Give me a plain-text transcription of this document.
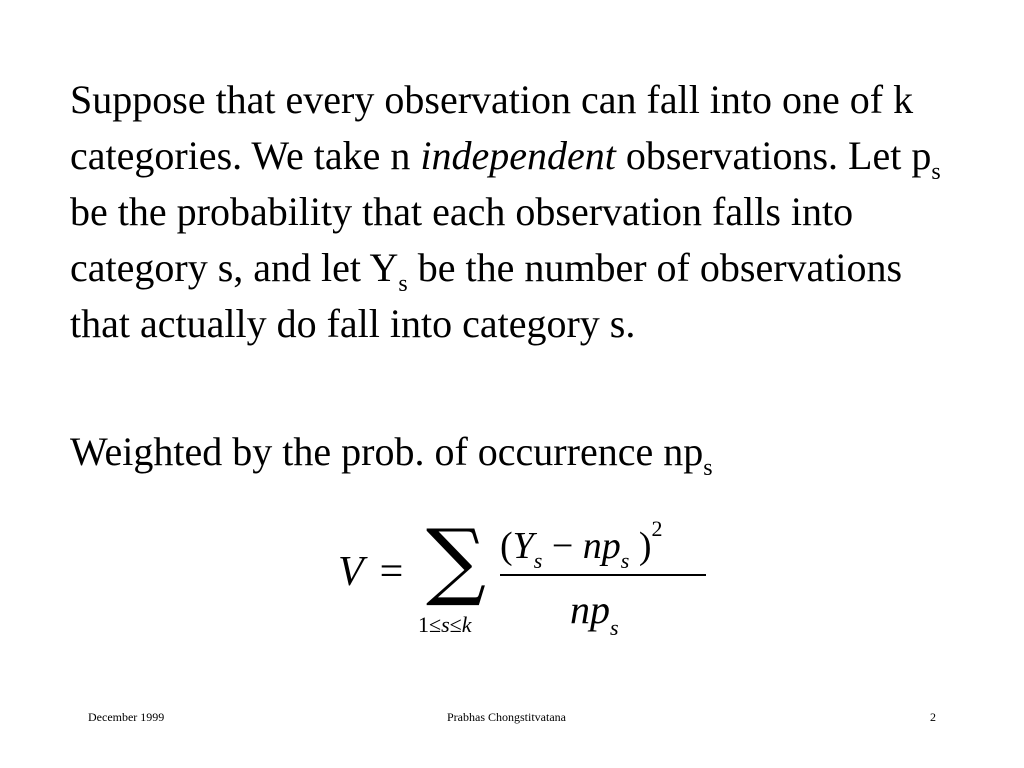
Suppose that every observation can fall into one of k categories. We take n independent observations. Let $p_s$ be the probability that each observation falls into category s, and let $Y_s$ be the number of observations that actually do fall into category s.

Weighted by the prob. of occurrence $np_s$

V = ∑
1≤s≤k
($Y_s - np_s$ )$^2$
$np_s$
December 1999	Prabhas Chongstitvatana	2
